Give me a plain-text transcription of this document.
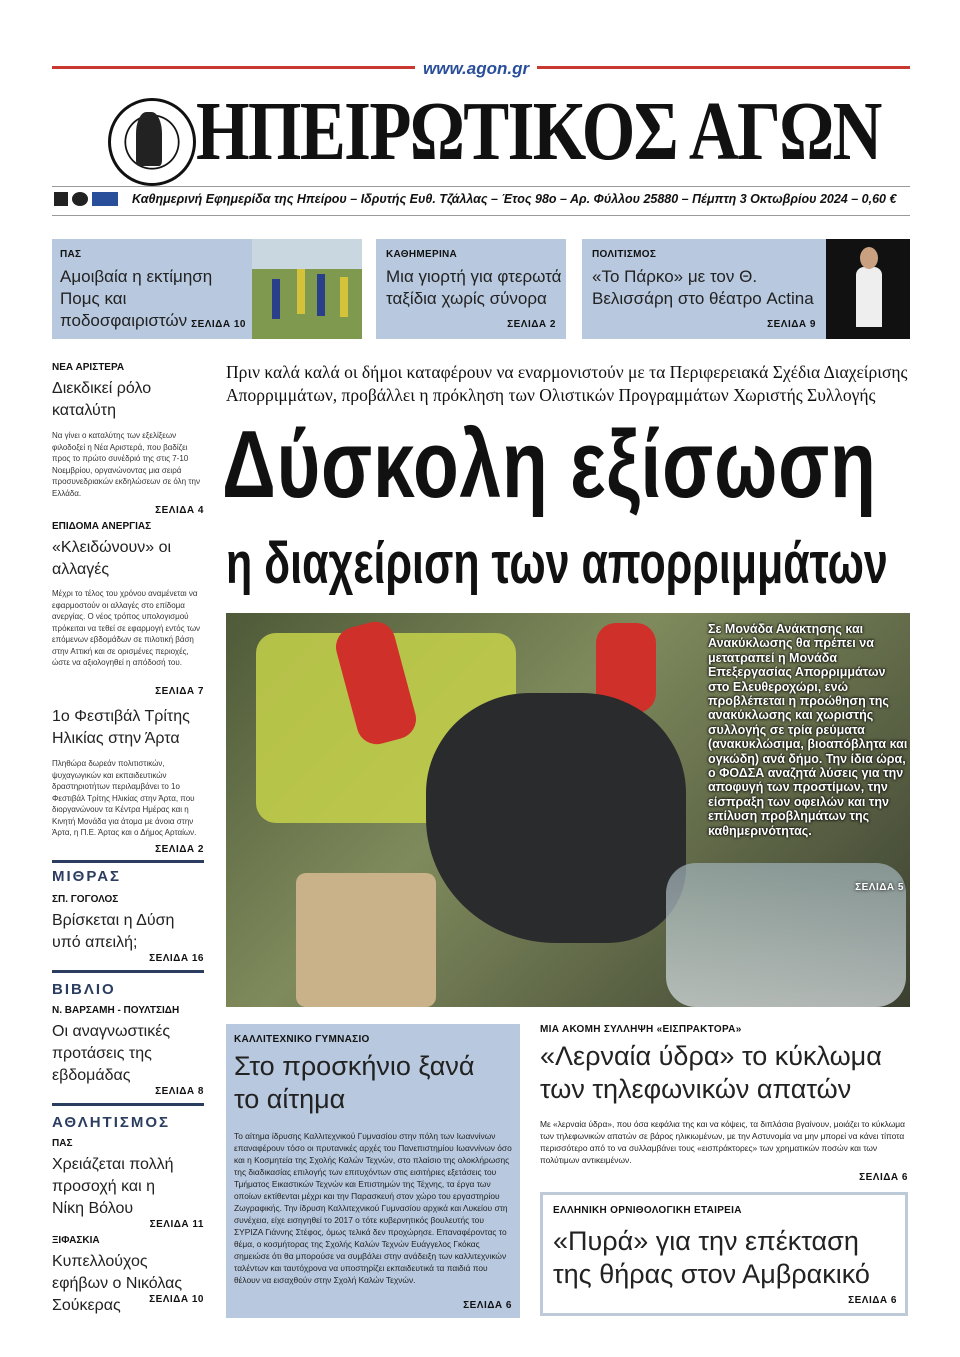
www.agon.gr
ΗΠΕΙΡΩΤΙΚΟΣ ΑΓΩΝ
Καθημερινή Εφημερίδα της Ηπείρου – Ιδρυτής Ευθ. Τζάλλας – Έτος 98ο – Αρ. Φύλλου 25880 – Πέμπτη 3 Οκτωβρίου 2024 – 0,60 €
ΠΑΣ
Αμοιβαία η εκτίμηση Πομς και ποδοσφαιριστών ΣΕΛΙΔΑ 10
ΚΑΘΗΜΕΡΙΝΑ
Μια γιορτή για φτερωτά ταξίδια χωρίς σύνορα
ΣΕΛΙΔΑ 2
ΠΟΛΙΤΙΣΜΟΣ
«Το Πάρκο» με τον Θ. Βελισσάρη στο θέατρο Actina
ΣΕΛΙΔΑ 9
ΝΕΑ ΑΡΙΣΤΕΡΑ
Διεκδικεί ρόλο καταλύτη
Να γίνει ο καταλύτης των εξελίξεων φιλοδοξεί η Νέα Αριστερά, που βαδίζει προς το πρώτο συνέδριό της στις 7-10 Νοεμβρίου, οργανώνοντας μια σειρά προσυνεδριακών εκδηλώσεων σε όλη την Ελλάδα.
ΣΕΛΙΔΑ 4
ΕΠΙΔΟΜΑ ΑΝΕΡΓΙΑΣ
«Κλειδώνουν» οι αλλαγές
Μέχρι το τέλος του χρόνου αναμένεται να εφαρμοστούν οι αλλαγές στο επίδομα ανεργίας. Ο νέος τρόπος υπολογισμού πρόκειται να τεθεί σε εφαρμογή εντός των επόμενων εβδομάδων σε πιλοτική βάση στην Αττική και σε ορισμένες περιοχές, ώστε να αξιολογηθεί η απόδοσή του.
ΣΕΛΙΔΑ 7
1ο Φεστιβάλ Τρίτης Ηλικίας στην Άρτα
Πληθώρα δωρεάν πολιτιστικών, ψυχαγωγικών και εκπαιδευτικών δραστηριοτήτων περιλαμβάνει το 1ο Φεστιβάλ Τρίτης Ηλικίας στην Άρτα, που διοργανώνουν τα Κέντρα Ημέρας και η Κινητή Μονάδα για άτομα με άνοια στην Άρτα, η Π.Ε. Άρτας και ο Δήμος Αρταίων.
ΣΕΛΙΔΑ 2
ΜΙΘΡΑΣ
ΣΠ. ΓΟΓΟΛΟΣ
Βρίσκεται η Δύση υπό απειλή;
ΣΕΛΙΔΑ 16
ΒΙΒΛΙΟ
Ν. ΒΑΡΣΑΜΗ - ΠΟΥΛΤΣΙΔΗ
Οι αναγνωστικές προτάσεις της εβδομάδας
ΣΕΛΙΔΑ 8
ΑΘΛΗΤΙΣΜΟΣ
ΠΑΣ
Χρειάζεται πολλή προσοχή και η Νίκη Βόλου
ΣΕΛΙΔΑ 11
ΞΙΦΑΣΚΙΑ
Κυπελλούχος εφήβων ο Νικόλας Σούκερας	ΣΕΛΙΔΑ 10
Πριν καλά καλά οι δήμοι καταφέρουν να εναρμονιστούν με τα Περιφερειακά Σχέδια Διαχείρισης Απορριμμάτων, προβάλλει η πρόκληση των Ολιστικών Προγραμμάτων Χωριστής Συλλογής
Δύσκολη εξίσωση
η διαχείριση των απορριμμάτων
Σε Μονάδα Ανάκτησης και Ανακύκλωσης θα πρέπει να μετατραπεί η Μονάδα Επεξεργασίας Απορριμμάτων στο Ελευθεροχώρι, ενώ προβλέπεται η προώθηση της ανακύκλωσης και χωριστής συλλογής σε τρία ρεύματα (ανακυκλώσιμα, βιοαπόβλητα και ογκώδη) ανά δήμο. Την ίδια ώρα, ο ΦΟΔΣΑ αναζητά λύσεις για την αποφυγή των προστίμων, την είσπραξη των οφειλών και την επίλυση προβλημάτων της καθημερινότητας.
ΣΕΛΙΔΑ 5
ΚΑΛΛΙΤΕΧΝΙΚΟ ΓΥΜΝΑΣΙΟ
Στο προσκήνιο ξανά το αίτημα
Το αίτημα ίδρυσης Καλλιτεχνικού Γυμνασίου στην πόλη των Ιωαννίνων επαναφέρουν τόσο οι πρυτανικές αρχές του Πανεπιστημίου Ιωαννίνων όσο και η Κοσμητεία της Σχολής Καλών Τεχνών, στο πλαίσιο της ολοκλήρωσης της διαδικασίας επιλογής των επιτυχόντων στις εισιτήριες εξετάσεις του Τμήματος Εικαστικών Τεχνών και Επιστημών της Τέχνης, τα έργα των οποίων εκτίθενται μέχρι και την Παρασκευή στον χώρο του εργαστηρίου Ζωγραφικής. Την ίδρυση Καλλιτεχνικού Γυμνασίου αρχικά και Λυκείου στη συνέχεια, είχε εισηγηθεί το 2017 ο τότε κυβερνητικός βουλευτής του ΣΥΡΙΖΑ Γιάννης Στέφος, όμως τελικά δεν προχώρησε. Επαναφέροντας το θέμα, ο κοσμήτορας της Σχολής Καλών Τεχνών Ευάγγελος Γκόκας σημειώσε ότι θα μπορούσε να συμβάλει στην ανάδειξη των καλλιτεχνικών ταλέντων και ταυτόχρονα να υποστηρίζει εκπαιδευτικά τα παιδιά που θέλουν να εισαχθούν στην Σχολή Καλών Τεχνών.
ΣΕΛΙΔΑ 6
ΜΙΑ ΑΚΟΜΗ ΣΥΛΛΗΨΗ «ΕΙΣΠΡΑΚΤΟΡΑ»
«Λερναία ύδρα» το κύκλωμα των τηλεφωνικών απατών
Με «λερναία ύδρα», που όσα κεφάλια της και να κόψεις, τα διπλάσια βγαίνουν, μοιάζει το κύκλωμα των τηλεφωνικών απατών σε βάρος ηλικιωμένων, με την Αστυνομία να μην μπορεί να κάνει τίποτα περισσότερο από το να συλλαμβάνει τους «εισπράκτορες» των χρηματικών ποσών και των πολύτιμων αντικειμένων.
ΣΕΛΙΔΑ 6
ΕΛΛΗΝΙΚΗ ΟΡΝΙΘΟΛΟΓΙΚΗ ΕΤΑΙΡΕΙΑ
«Πυρά» για την επέκταση της θήρας στον Αμβρακικό
ΣΕΛΙΔΑ 6
